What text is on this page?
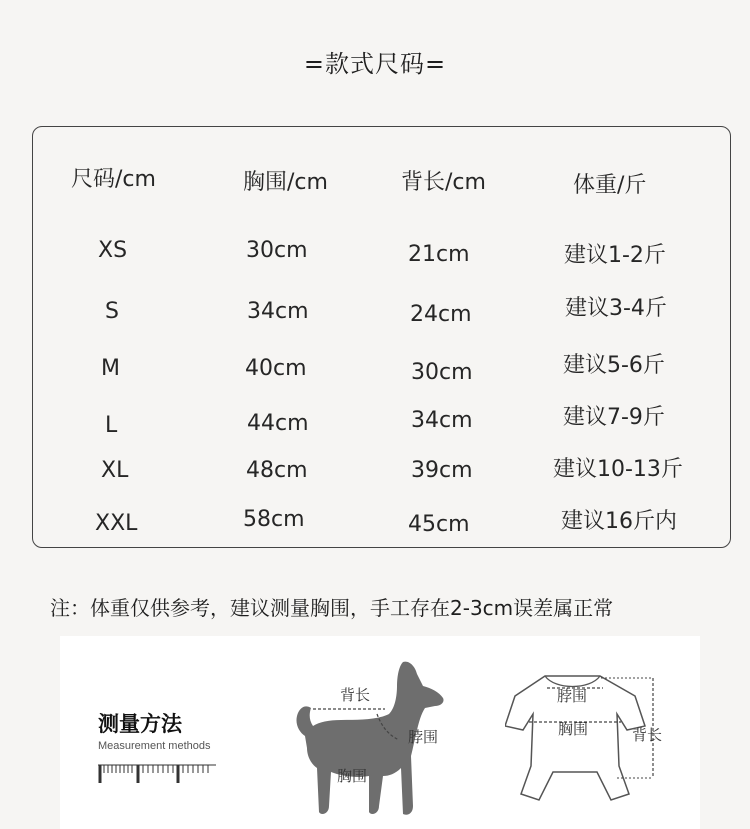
=款式尺码=
尺码/cm	胸围/cm	背长/cm	体重/斤
XS	30cm	21cm	建议1-2斤
S	34cm	24cm	建议3-4斤
M	40cm	30cm	建议5-6斤
L	44cm	34cm	建议7-9斤
XL	48cm	39cm	建议10-13斤
XXL	58cm	45cm	建议16斤内
注：体重仅供参考，建议测量胸围，手工存在2-3cm误差属正常
测量方法
Measurement methods
背长
脖围
胸围
脖围
胸围	背长
